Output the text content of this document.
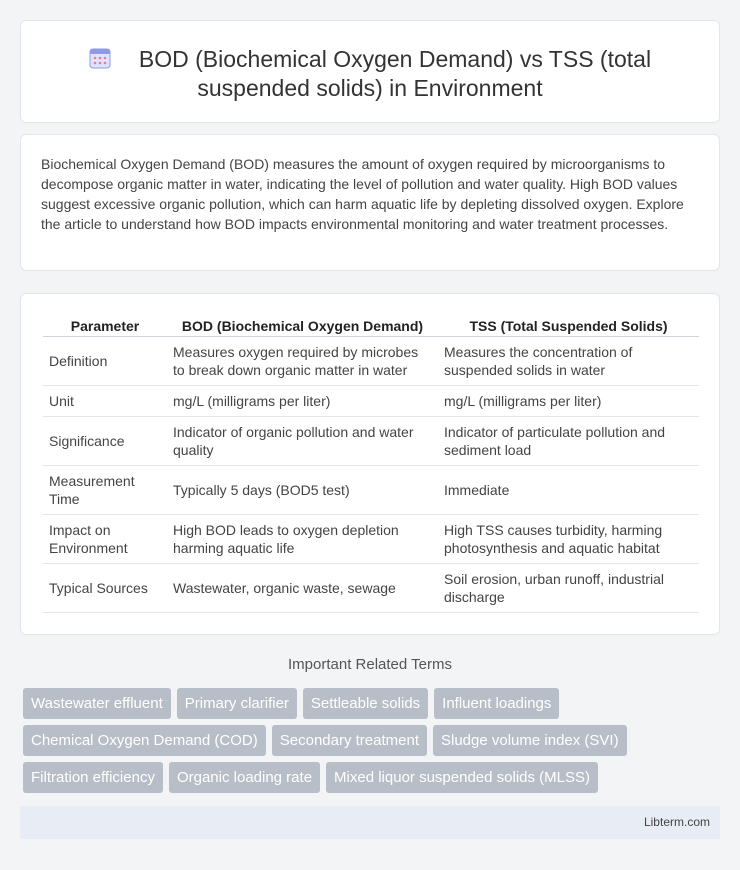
BOD (Biochemical Oxygen Demand) vs TSS (total
suspended solids) in Environment

Biochemical Oxygen Demand (BOD) measures the amount of oxygen required by microorganisms to decompose organic matter in water, indicating the level of pollution and water quality. High BOD values suggest excessive organic pollution, which can harm aquatic life by depleting dissolved oxygen. Explore the article to understand how BOD impacts environmental monitoring and water treatment processes.

Parameter	BOD (Biochemical Oxygen Demand)	TSS (Total Suspended Solids)
Definition	Measures oxygen required by microbes to break down organic matter in water	Measures the concentration of suspended solids in water
Unit	mg/L (milligrams per liter)	mg/L (milligrams per liter)
Significance	Indicator of organic pollution and water quality	Indicator of particulate pollution and sediment load
Measurement Time	Typically 5 days (BOD5 test)	Immediate
Impact on Environment	High BOD leads to oxygen depletion harming aquatic life	High TSS causes turbidity, harming photosynthesis and aquatic habitat
Typical Sources	Wastewater, organic waste, sewage	Soil erosion, urban runoff, industrial discharge
Important Related Terms
Wastewater effluent	Primary clarifier	Settleable solids	Influent loadings
Chemical Oxygen Demand (COD)	Secondary treatment	Sludge volume index (SVI)
Filtration efficiency	Organic loading rate	Mixed liquor suspended solids (MLSS)
Libterm.com
